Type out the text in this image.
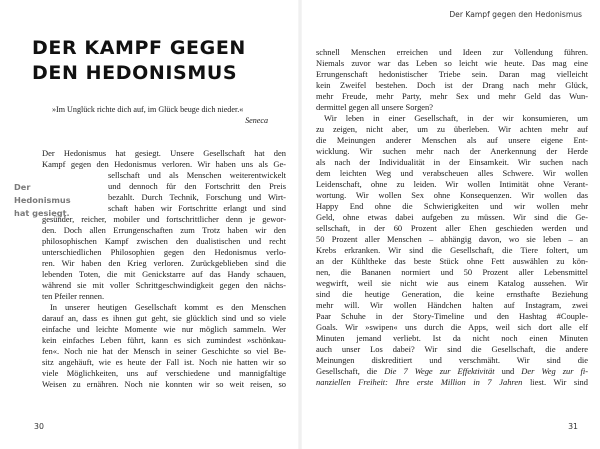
DER KAMPF GEGEN DEN HEDONISMUS

»Im Unglück richte dich auf, im Glück beuge dich nieder.«

Seneca

Der Hedonismus hat gesiegt.
Der Hedonismus hat gesiegt. Unsere Gesellschaft hat den
Kampf gegen den Hedonismus verloren. Wir haben uns als Ge-
sellschaft und als Menschen weiterentwickelt
und dennoch für den Fortschritt den Preis
bezahlt. Durch Technik, Forschung und Wirt-
schaft haben wir Fortschritte erlangt und sind
gesünder, reicher, mobiler und fortschrittlicher denn je gewor-
den. Doch allen Errungenschaften zum Trotz haben wir den
philosophischen Kampf zwischen den dualistischen und recht
unterschiedlichen Philosophien gegen den Hedonismus verlo-
ren. Wir haben den Krieg verloren. Zurückgeblieben sind die
lebenden Toten, die mit Genickstarre auf das Handy schauen,
während sie mit voller Schrittgeschwindigkeit gegen den nächs-
ten Pfeiler rennen.
In unserer heutigen Gesellschaft kommt es den Menschen
darauf an, dass es ihnen gut geht, sie glücklich sind und so viele
einfache und leichte Momente wie nur möglich sammeln. Wer
kein einfaches Leben führt, kann es sich zumindest »schönkau-
fen«. Noch nie hat der Mensch in seiner Geschichte so viel Be-
sitz angehäuft, wie es heute der Fall ist. Noch nie hatten wir so
viele Möglichkeiten, uns auf verschiedene und mannigfaltige
Weisen zu ernähren. Noch nie konnten wir so weit reisen, so
30
Der Kampf gegen den Hedonismus
schnell Menschen erreichen und Ideen zur Vollendung führen.
Niemals zuvor war das Leben so leicht wie heute. Das mag eine
Errungenschaft hedonistischer Triebe sein. Daran mag vielleicht
kein Zweifel bestehen. Doch ist der Drang nach mehr Glück,
mehr Freude, mehr Party, mehr Sex und mehr Geld das Wun-
dermittel gegen all unsere Sorgen?
Wir leben in einer Gesellschaft, in der wir konsumieren, um
zu zeigen, nicht aber, um zu überleben. Wir achten mehr auf
die Meinungen anderer Menschen als auf unsere eigene Ent-
wicklung. Wir suchen mehr nach der Anerkennung der Herde
als nach der Individualität in der Einsamkeit. Wir suchen nach
dem leichten Weg und verabscheuen alles Schwere. Wir wollen
Leidenschaft, ohne zu leiden. Wir wollen Intimität ohne Verant-
wortung. Wir wollen Sex ohne Konsequenzen. Wir wollen das
Happy End ohne die Schwierigkeiten und wir wollen mehr
Geld, ohne etwas dabei aufgeben zu müssen. Wir sind die Ge-
sellschaft, in der 60 Prozent aller Ehen geschieden werden und
50 Prozent aller Menschen – abhängig davon, wo sie leben – an
Krebs erkranken. Wir sind die Gesellschaft, die Tiere foltert, um
an der Kühltheke das beste Stück ohne Fett auswählen zu kön-
nen, die Bananen normiert und 50 Prozent aller Lebensmittel
wegwirft, weil sie nicht wie aus einem Katalog aussehen. Wir
sind die heutige Generation, die keine ernsthafte Beziehung
mehr will. Wir wollen Händchen halten auf Instagram, zwei
Paar Schuhe in der Story-Timeline und den Hashtag #Couple-
Goals. Wir »swipen« uns durch die Apps, weil sich dort alle elf
Minuten jemand verliebt. Ist da nicht noch einen Minuten
auch unser Los dabei? Wir sind die Gesellschaft, die andere
Meinungen diskreditiert und verschmäht. Wir sind die
Gesellschaft, die Die 7 Wege zur Effektivität und Der Weg zur fi-
nanziellen Freiheit: Ihre erste Million in 7 Jahren liest. Wir sind
31
